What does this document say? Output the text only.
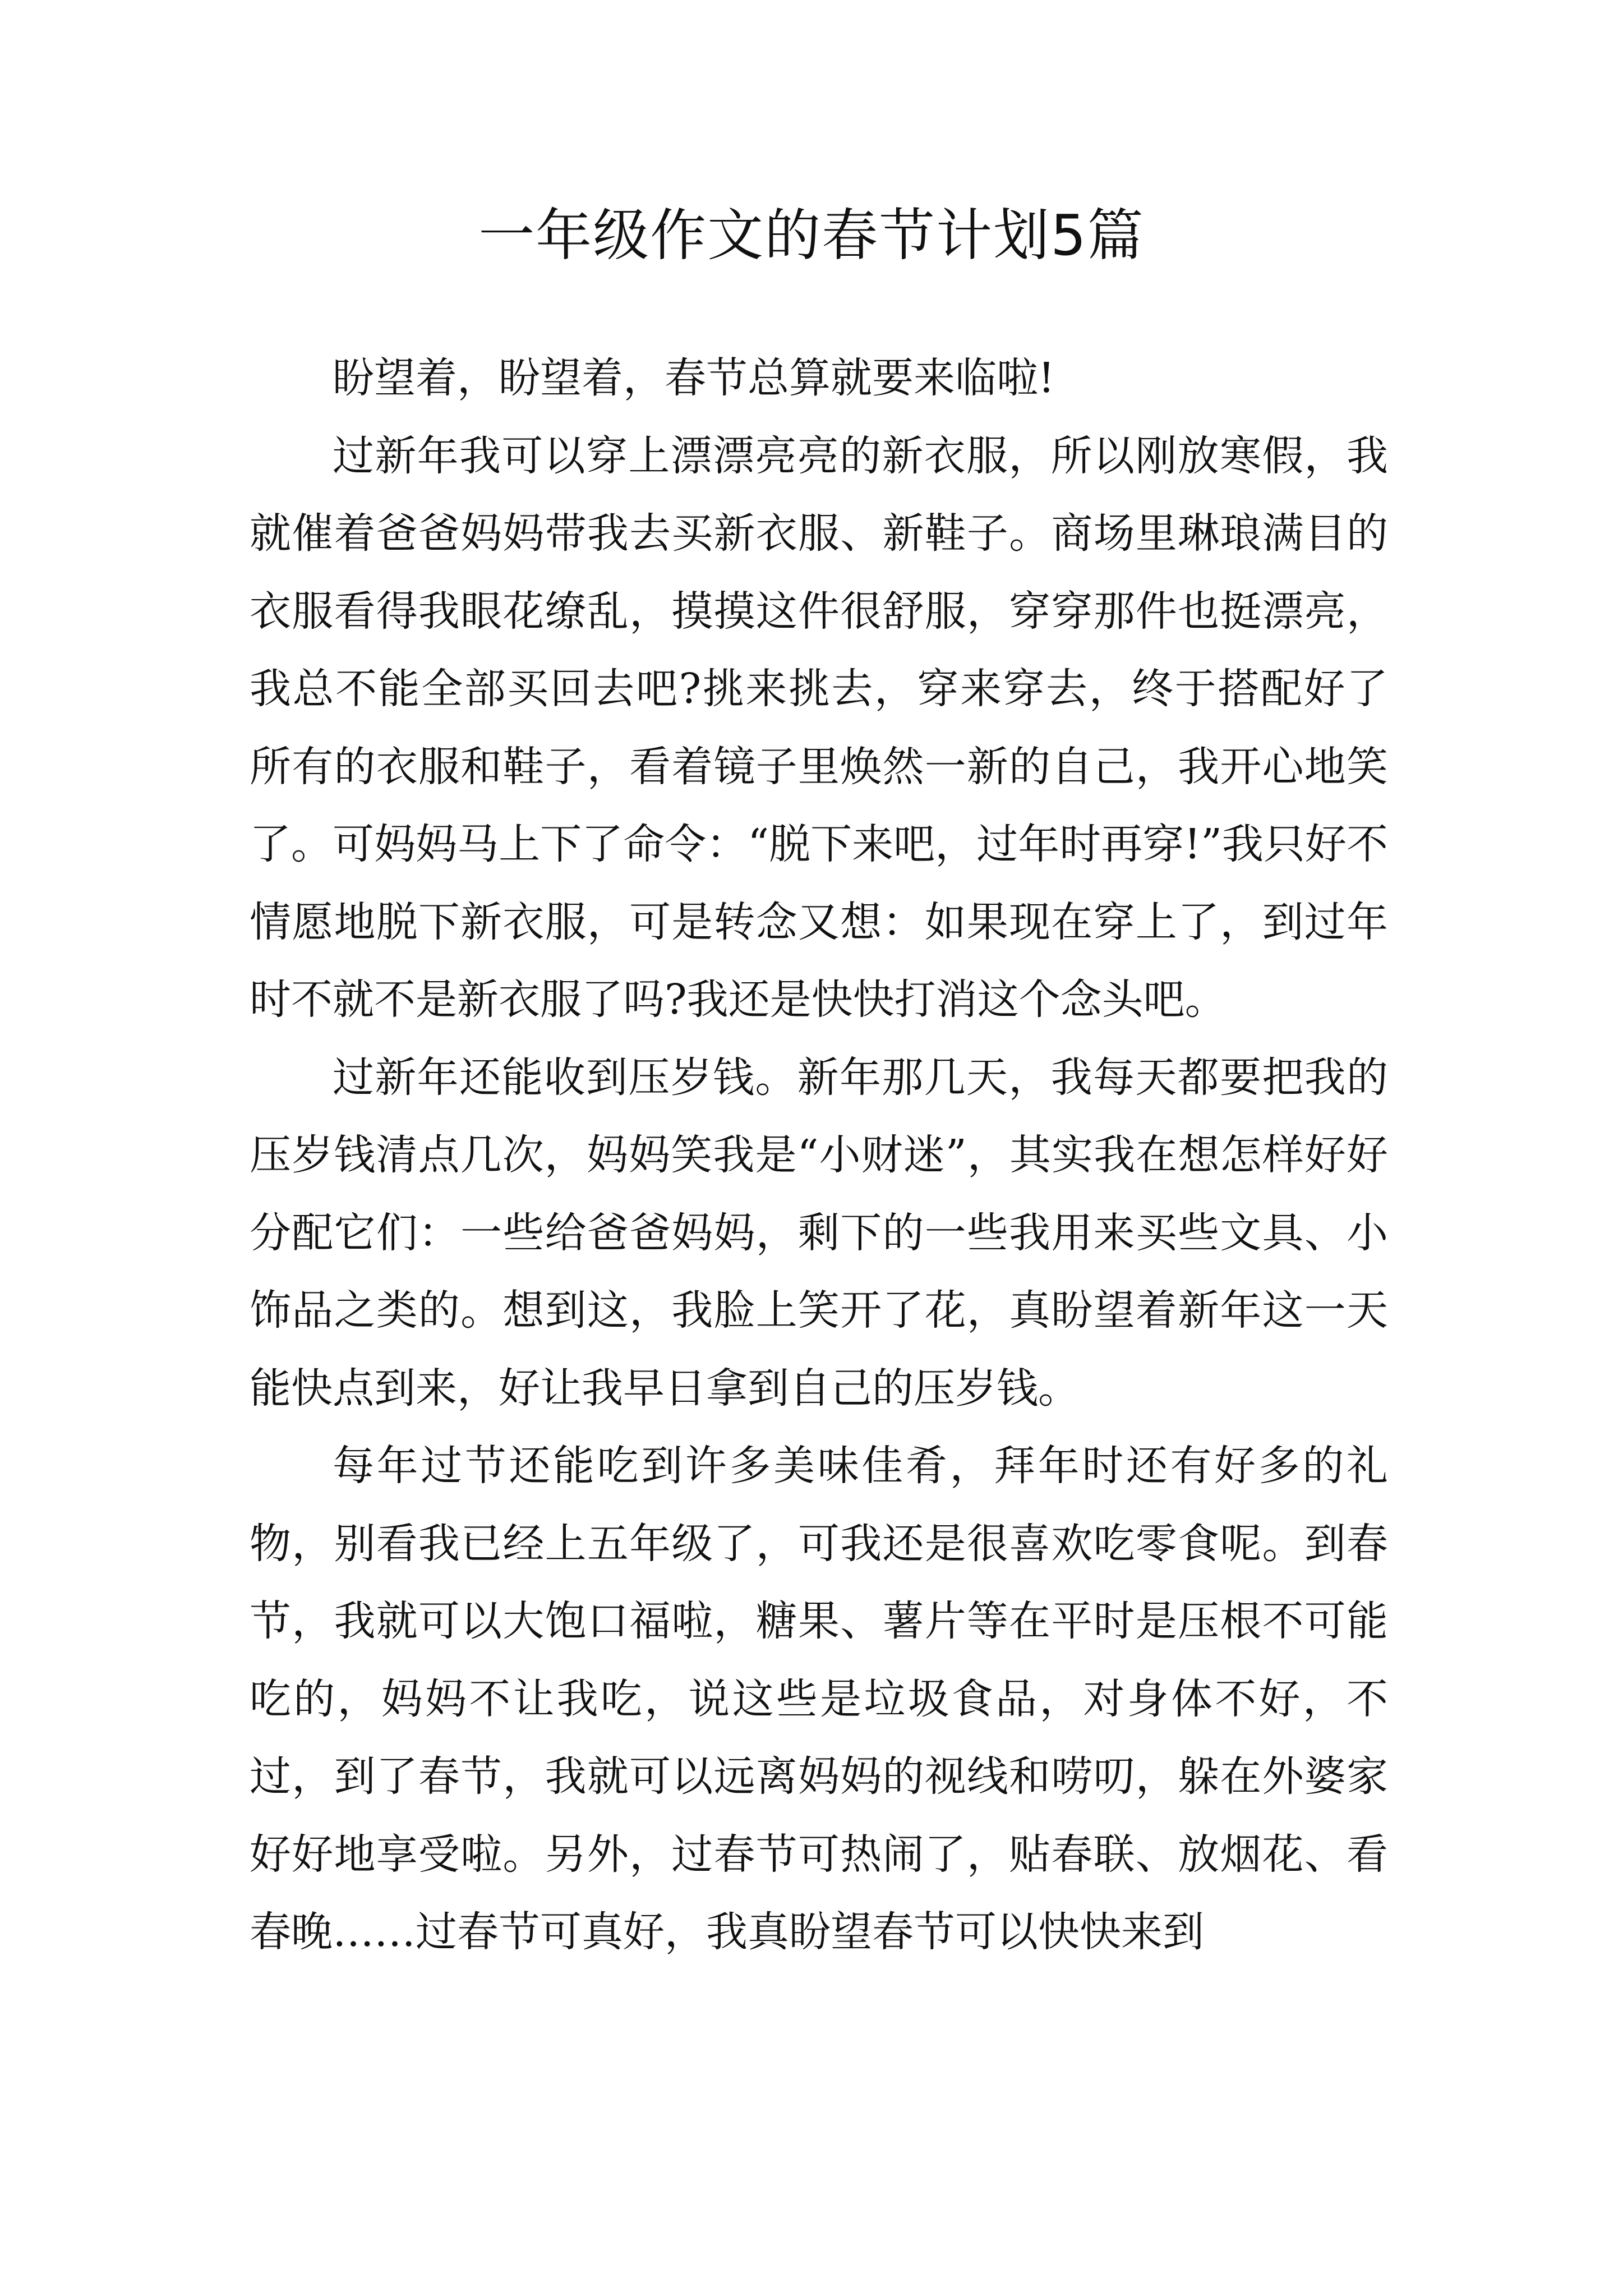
一年级作文的春节计划5篇

盼望着，盼望着，春节总算就要来临啦!

过新年我可以穿上漂漂亮亮的新衣服，所以刚放寒假，我就催着爸爸妈妈带我去买新衣服、新鞋子。商场里琳琅满目的衣服看得我眼花缭乱，摸摸这件很舒服，穿穿那件也挺漂亮，我总不能全部买回去吧?挑来挑去，穿来穿去，终于搭配好了所有的衣服和鞋子，看着镜子里焕然一新的自己，我开心地笑了。可妈妈马上下了命令：“脱下来吧，过年时再穿!”我只好不情愿地脱下新衣服，可是转念又想：如果现在穿上了，到过年时不就不是新衣服了吗?我还是快快打消这个念头吧。

过新年还能收到压岁钱。新年那几天，我每天都要把我的压岁钱清点几次，妈妈笑我是“小财迷”，其实我在想怎样好好分配它们：一些给爸爸妈妈，剩下的一些我用来买些文具、小饰品之类的。想到这，我脸上笑开了花，真盼望着新年这一天能快点到来，好让我早日拿到自己的压岁钱。

每年过节还能吃到许多美味佳肴，拜年时还有好多的礼物，别看我已经上五年级了，可我还是很喜欢吃零食呢。到春节，我就可以大饱口福啦，糖果、薯片等在平时是压根不可能吃的，妈妈不让我吃，说这些是垃圾食品，对身体不好，不过，到了春节，我就可以远离妈妈的视线和唠叨，躲在外婆家好好地享受啦。另外，过春节可热闹了，贴春联、放烟花、看春晚……过春节可真好，我真盼望春节可以快快来到
